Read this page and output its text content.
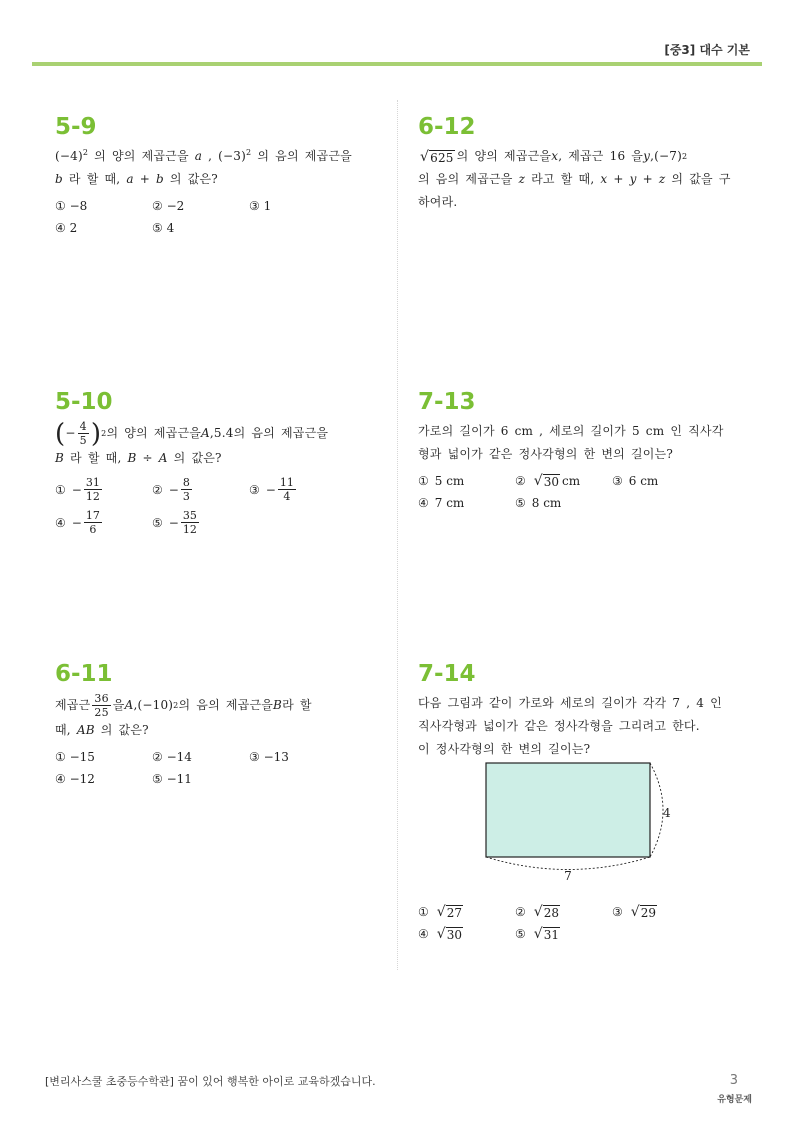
[중3] 대수 기본
5-9
$(-4)^2$ 의 양의 제곱근을 a , $(-3)^2$ 의 음의 제곱근을
b 라 할 때, a + b 의 값은?
① −8	② −2	③ 1
④ 2	⑤ 4
6-12
√ 625 의 양의 제곱근을 x , 제곱근 16 을 y , (−7) 2
의 음의 제곱근을 z 라고 할 때, x + y + z 의 값을 구
하여라.
5-10
( − $\frac{4}{5}$ ) 2 의 양의 제곱근을 A , 5.4̇ 의 음의 제곱근을
B 라 할 때, B ÷ A 의 값은?
① − $\frac{31}{12}$	② − $\frac{8}{3}$	③ − $\frac{11}{4}$
④ − $\frac{17}{6}$	⑤ − $\frac{35}{12}$
7-13
가로의 길이가 6 cm , 세로의 길이가 5 cm 인 직사각
형과 넓이가 같은 정사각형의 한 변의 길이는?
① 5 cm	② √ 30 cm	③ 6 cm
④ 7 cm	⑤ 8 cm
6-11
제곱근 $\frac{36}{25}$ 을 A , (−10) 2 의 음의 제곱근을 B 라 할
때, AB 의 값은?
① −15	② −14	③ −13
④ −12	⑤ −11
7-14
다음 그림과 같이 가로와 세로의 길이가 각각 7 , 4 인
직사각형과 넓이가 같은 정사각형을 그리려고 한다.
이 정사각형의 한 변의 길이는?
4
7
① √ 27	② √ 28	③ √ 29
④ √ 30	⑤ √ 31
[변리사스쿨 초중등수학관] 꿈이 있어 행복한 아이로 교육하겠습니다.	3
유형문제
